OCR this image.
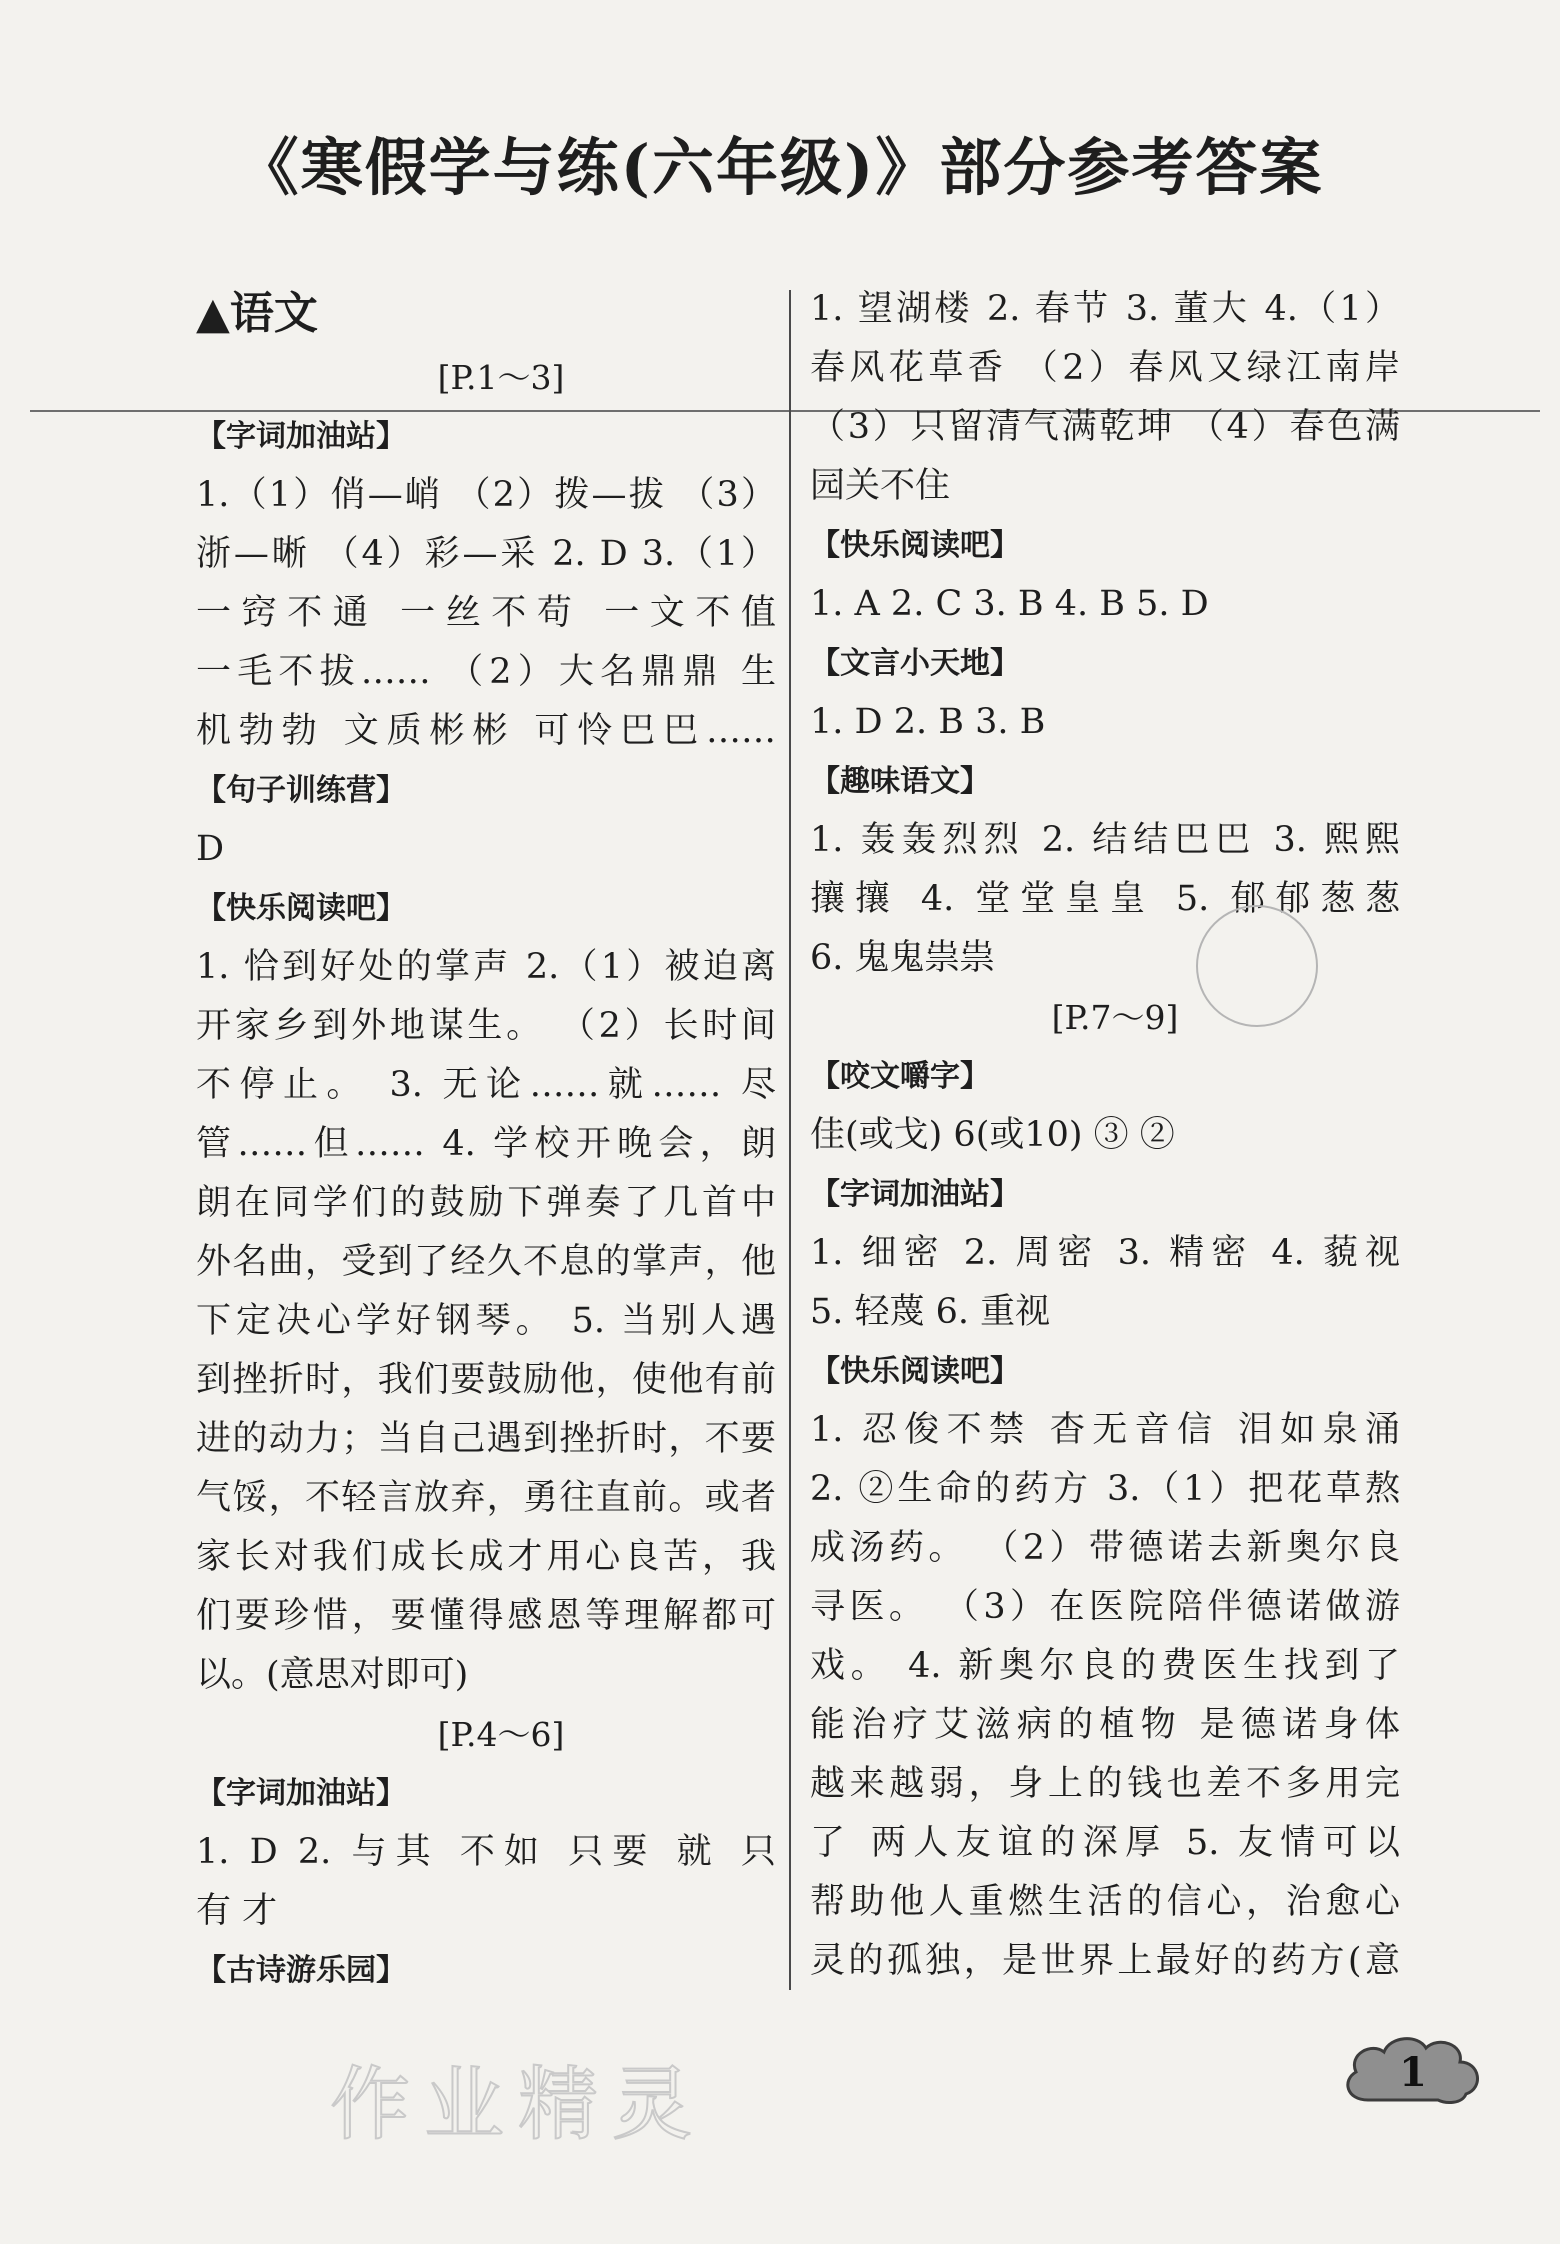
《寒假学与练(六年级)》部分参考答案
▲语文
[P.1～3]
【字词加油站】
1.（1）俏—峭 （2）拨—拔 （3）
浙—晰 （4）彩—采 2. D 3.（1）
一窍不通 一丝不苟 一文不值
一毛不拔…… （2）大名鼎鼎 生
机勃勃 文质彬彬 可怜巴巴……
【句子训练营】
D
【快乐阅读吧】
1. 恰到好处的掌声 2.（1）被迫离
开家乡到外地谋生。 （2）长时间
不停止。 3. 无论……就…… 尽
管……但…… 4. 学校开晚会，朗
朗在同学们的鼓励下弹奏了几首中
外名曲，受到了经久不息的掌声，他
下定决心学好钢琴。 5. 当别人遇
到挫折时，我们要鼓励他，使他有前
进的动力；当自己遇到挫折时，不要
气馁，不轻言放弃，勇往直前。或者
家长对我们成长成才用心良苦，我
们要珍惜，要懂得感恩等理解都可
以。(意思对即可)
[P.4～6]
【字词加油站】
1. D 2. 与其 不如 只要 就 只
有 才
【古诗游乐园】
1. 望湖楼 2. 春节 3. 董大 4.（1）
春风花草香 （2）春风又绿江南岸
（3）只留清气满乾坤 （4）春色满
园关不住
【快乐阅读吧】
1. A 2. C 3. B 4. B 5. D
【文言小天地】
1. D 2. B 3. B
【趣味语文】
1. 轰轰烈烈 2. 结结巴巴 3. 熙熙
攘攘 4. 堂堂皇皇 5. 郁郁葱葱
6. 鬼鬼祟祟
[P.7～9]
【咬文嚼字】
佳(或戈) 6(或10) ③ ②
【字词加油站】
1. 细密 2. 周密 3. 精密 4. 藐视
5. 轻蔑 6. 重视
【快乐阅读吧】
1. 忍俊不禁 杳无音信 泪如泉涌
2. ②生命的药方 3.（1）把花草熬
成汤药。 （2）带德诺去新奥尔良
寻医。 （3）在医院陪伴德诺做游
戏。 4. 新奥尔良的费医生找到了
能治疗艾滋病的植物 是德诺身体
越来越弱，身上的钱也差不多用完
了 两人友谊的深厚 5. 友情可以
帮助他人重燃生活的信心，治愈心
灵的孤独，是世界上最好的药方(意
作业精灵	1
